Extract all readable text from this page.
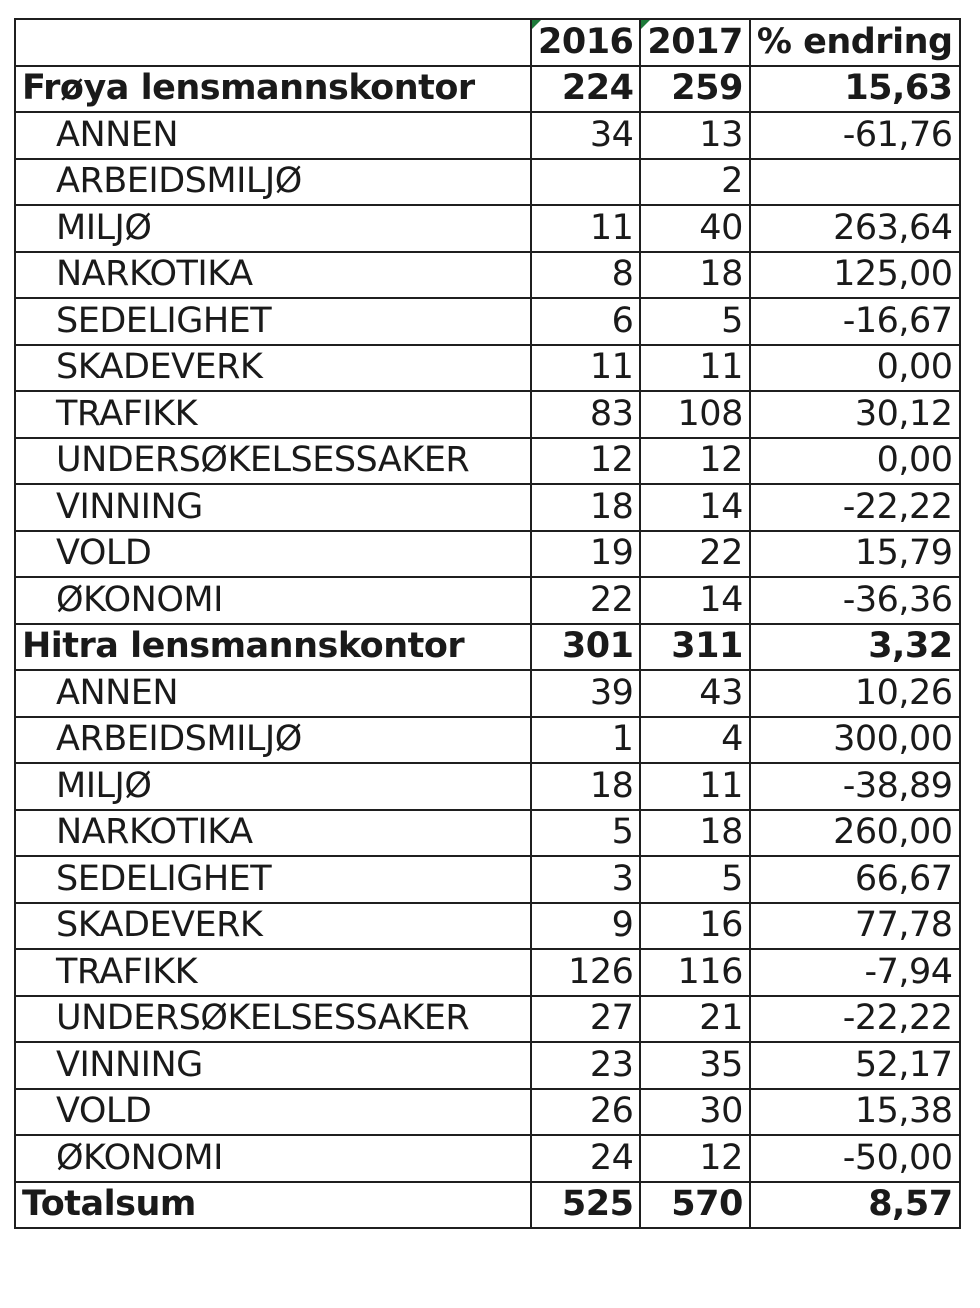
	2016	2017	% endring
Frøya lensmannskontor	224	259	15,63
ANNEN	34	13	-61,76
ARBEIDSMILJØ		2	
MILJØ	11	40	263,64
NARKOTIKA	8	18	125,00
SEDELIGHET	6	5	-16,67
SKADEVERK	11	11	0,00
TRAFIKK	83	108	30,12
UNDERSØKELSESSAKER	12	12	0,00
VINNING	18	14	-22,22
VOLD	19	22	15,79
ØKONOMI	22	14	-36,36
Hitra lensmannskontor	301	311	3,32
ANNEN	39	43	10,26
ARBEIDSMILJØ	1	4	300,00
MILJØ	18	11	-38,89
NARKOTIKA	5	18	260,00
SEDELIGHET	3	5	66,67
SKADEVERK	9	16	77,78
TRAFIKK	126	116	-7,94
UNDERSØKELSESSAKER	27	21	-22,22
VINNING	23	35	52,17
VOLD	26	30	15,38
ØKONOMI	24	12	-50,00
Totalsum	525	570	8,57
